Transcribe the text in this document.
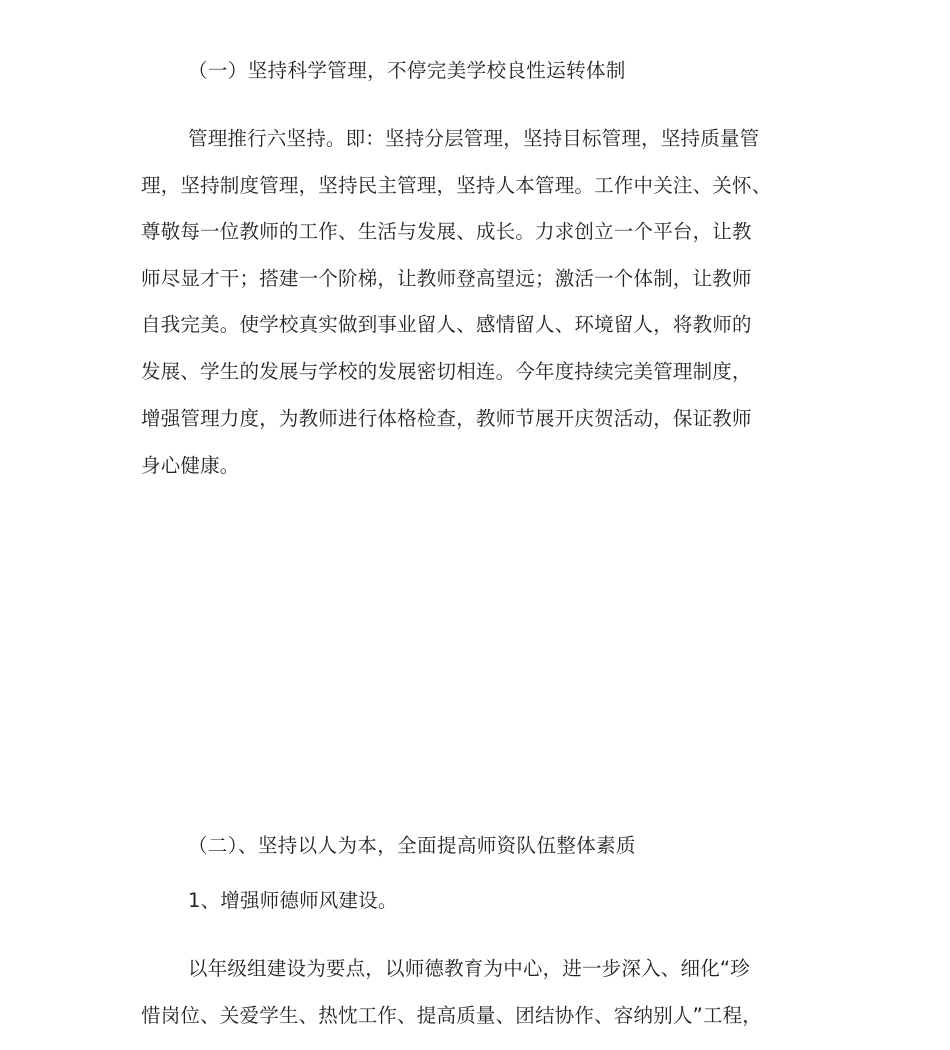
（一）坚持科学管理，不停完美学校良性运转体制
管理推行六坚持。即：坚持分层管理，坚持目标管理，坚持质量管
理，坚持制度管理，坚持民主管理，坚持人本管理。工作中关注、关怀、
尊敬每一位教师的工作、生活与发展、成长。力求创立一个平台，让教
师尽显才干；搭建一个阶梯，让教师登高望远；激活一个体制，让教师
自我完美。使学校真实做到事业留人、感情留人、环境留人，将教师的
发展、学生的发展与学校的发展密切相连。今年度持续完美管理制度，
增强管理力度，为教师进行体格检查，教师节展开庆贺活动，保证教师
身心健康。
（二）、坚持以人为本，全面提高师资队伍整体素质
1、增强师德师风建设。
以年级组建设为要点，以师德教育为中心，进一步深入、细化“珍
惜岗位、关爱学生、热忱工作、提高质量、团结协作、容纳别人”工程，
